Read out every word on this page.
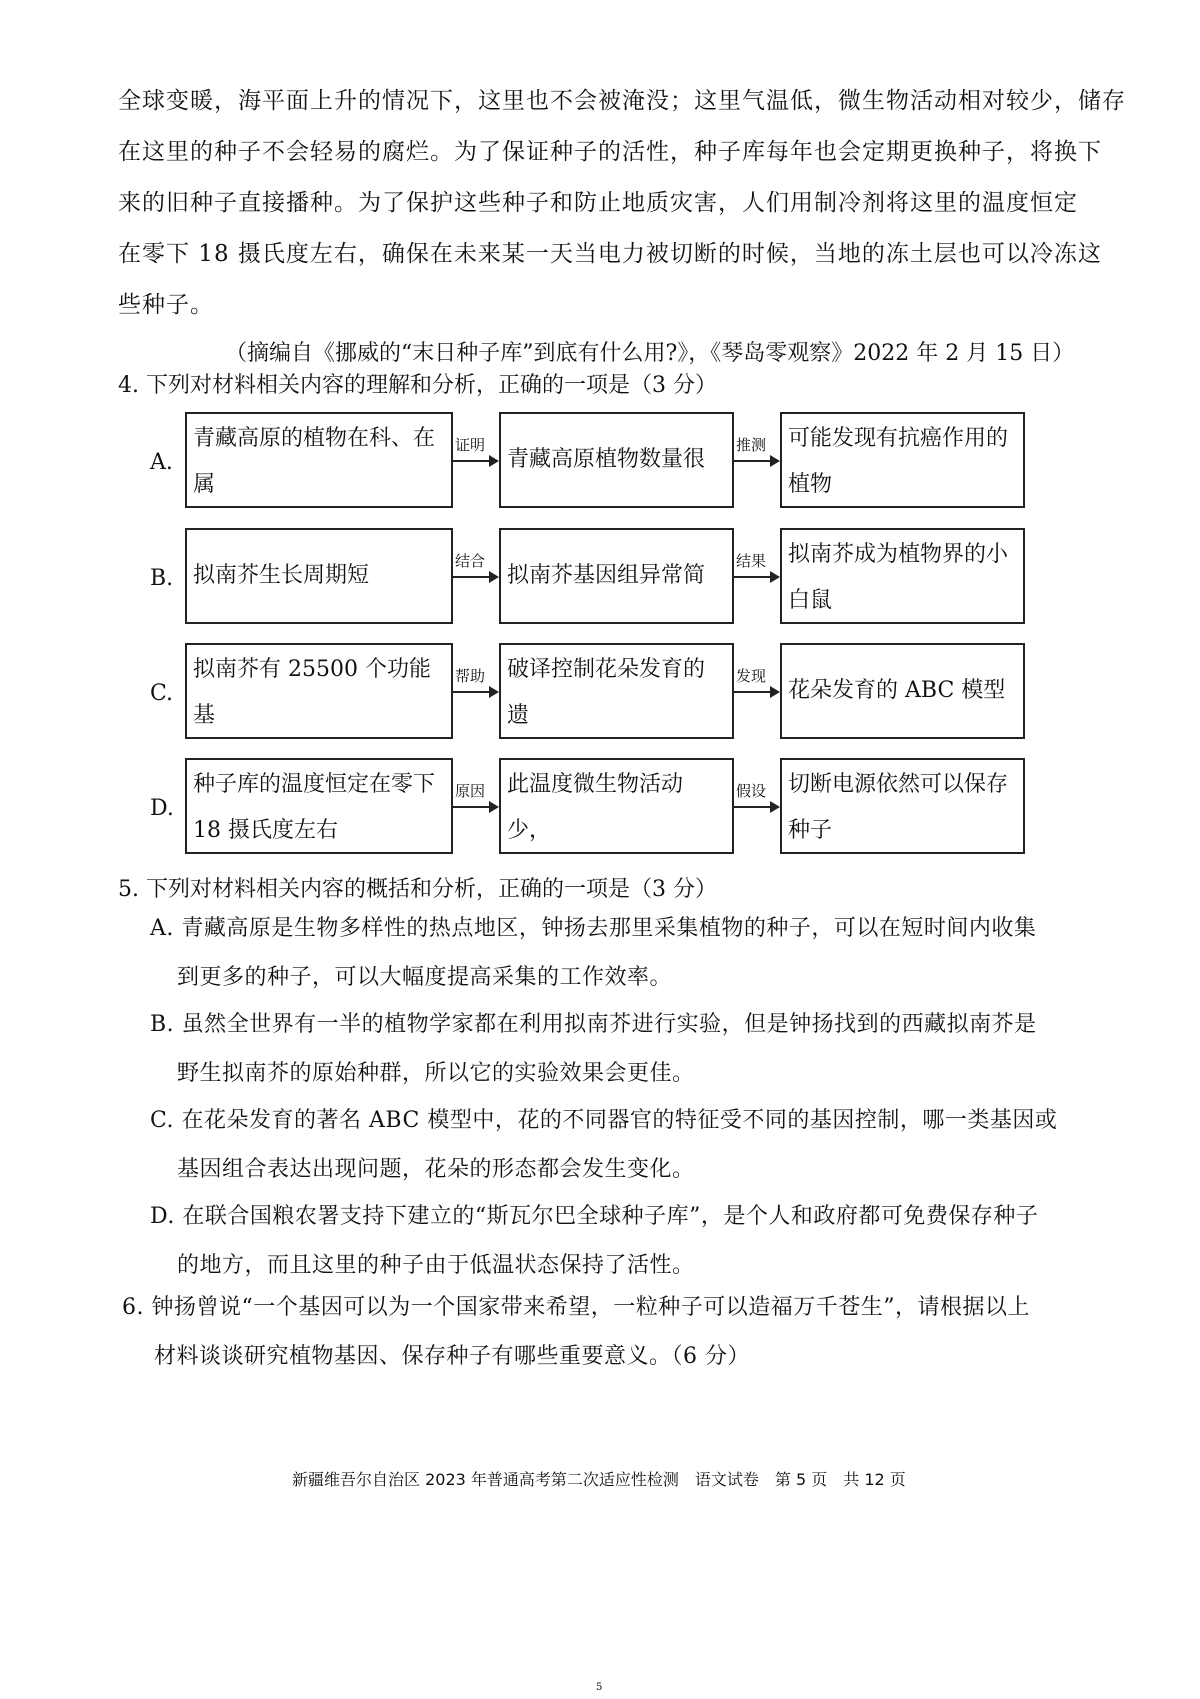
全球变暖，海平面上升的情况下，这里也不会被淹没；这里气温低，微生物活动相对较少，储存
在这里的种子不会轻易的腐烂。为了保证种子的活性，种子库每年也会定期更换种子，将换下
来的旧种子直接播种。为了保护这些种子和防止地质灾害，人们用制冷剂将这里的温度恒定
在零下 18 摄氏度左右，确保在未来某一天当电力被切断的时候，当地的冻土层也可以冷冻这
些种子。
（摘编自《挪威的“末日种子库”到底有什么用?》，《琴岛零观察》2022 年 2 月 15 日）
4. 下列对材料相关内容的理解和分析，正确的一项是（3 分）
A.
青藏高原的植物在科、在属
证明
青藏高原植物数量很
推测 可能发现有抗癌作用的
植物
B. 拟南芥生长周期短
结合
拟南芥基因组异常简
结果 拟南芥成为植物界的小
白鼠
C.
拟南芥有 25500 个功能基
帮助 破译控制花朵发育的遗
发现
花朵发育的 ABC 模型
D.
种子库的温度恒定在零下
18 摄氏度左右
原因 此温度微生物活动少，
假设 切断电源依然可以保存
种子
5. 下列对材料相关内容的概括和分析，正确的一项是（3 分）
A. 青藏高原是生物多样性的热点地区，钟扬去那里采集植物的种子，可以在短时间内收集
到更多的种子，可以大幅度提高采集的工作效率。
B. 虽然全世界有一半的植物学家都在利用拟南芥进行实验，但是钟扬找到的西藏拟南芥是
野生拟南芥的原始种群，所以它的实验效果会更佳。
C. 在花朵发育的著名 ABC 模型中，花的不同器官的特征受不同的基因控制，哪一类基因或
基因组合表达出现问题，花朵的形态都会发生变化。
D. 在联合国粮农署支持下建立的“斯瓦尔巴全球种子库”，是个人和政府都可免费保存种子
的地方，而且这里的种子由于低温状态保持了活性。
6. 钟扬曾说“一个基因可以为一个国家带来希望，一粒种子可以造福万千苍生”，请根据以上
材料谈谈研究植物基因、保存种子有哪些重要意义。（6 分）
新疆维吾尔自治区 2023 年普通高考第二次适应性检测　语文试卷　第 5 页　共 12 页
5
